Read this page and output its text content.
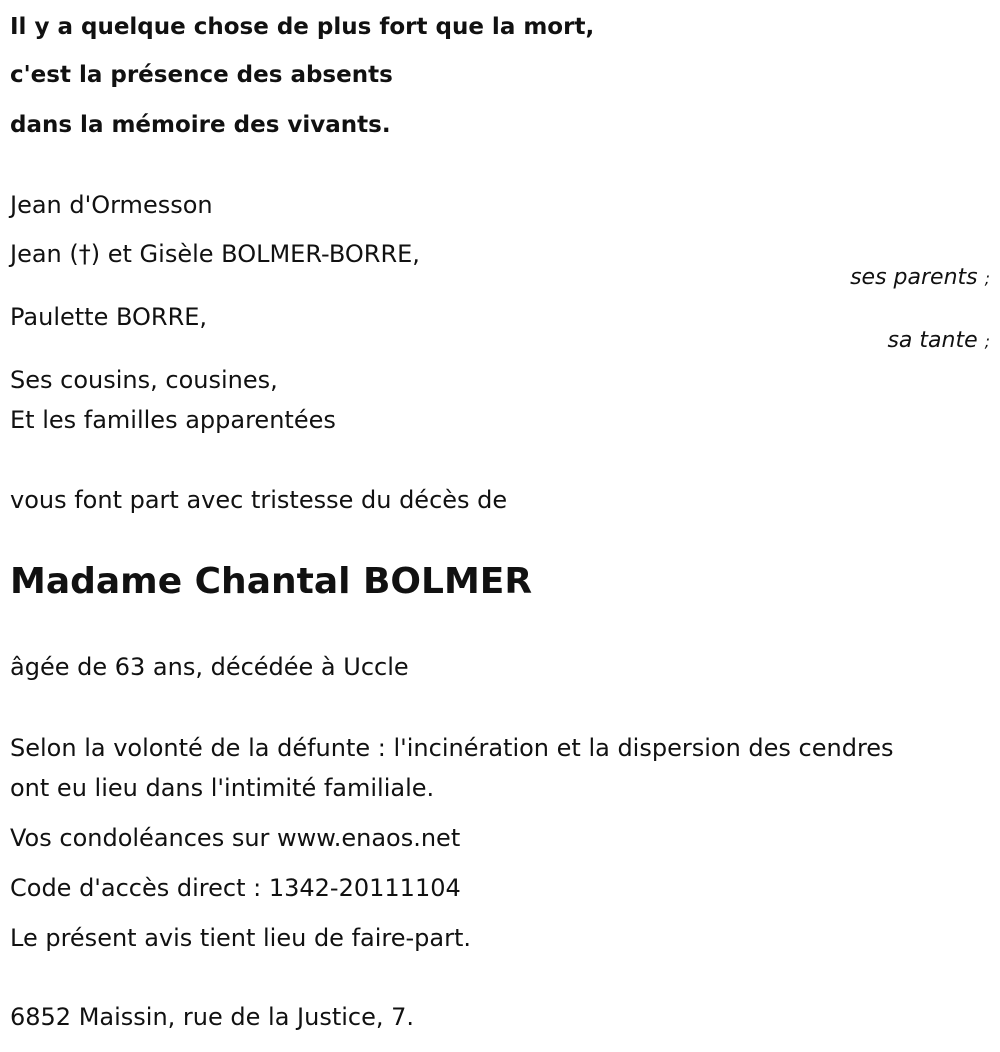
Il y a quelque chose de plus fort que la mort,
c'est la présence des absents
dans la mémoire des vivants.
Jean d'Ormesson
Jean (†) et Gisèle BOLMER-BORRE,
ses parents ;
Paulette BORRE,
sa tante ;
Ses cousins, cousines,
Et les familles apparentées
vous font part avec tristesse du décès de
Madame Chantal BOLMER
âgée de 63 ans, décédée à Uccle
Selon la volonté de la défunte : l'incinération et la dispersion des cendres
ont eu lieu dans l'intimité familiale.
Vos condoléances sur www.enaos.net
Code d'accès direct : 1342-20111104
Le présent avis tient lieu de faire-part.
6852 Maissin, rue de la Justice, 7.
